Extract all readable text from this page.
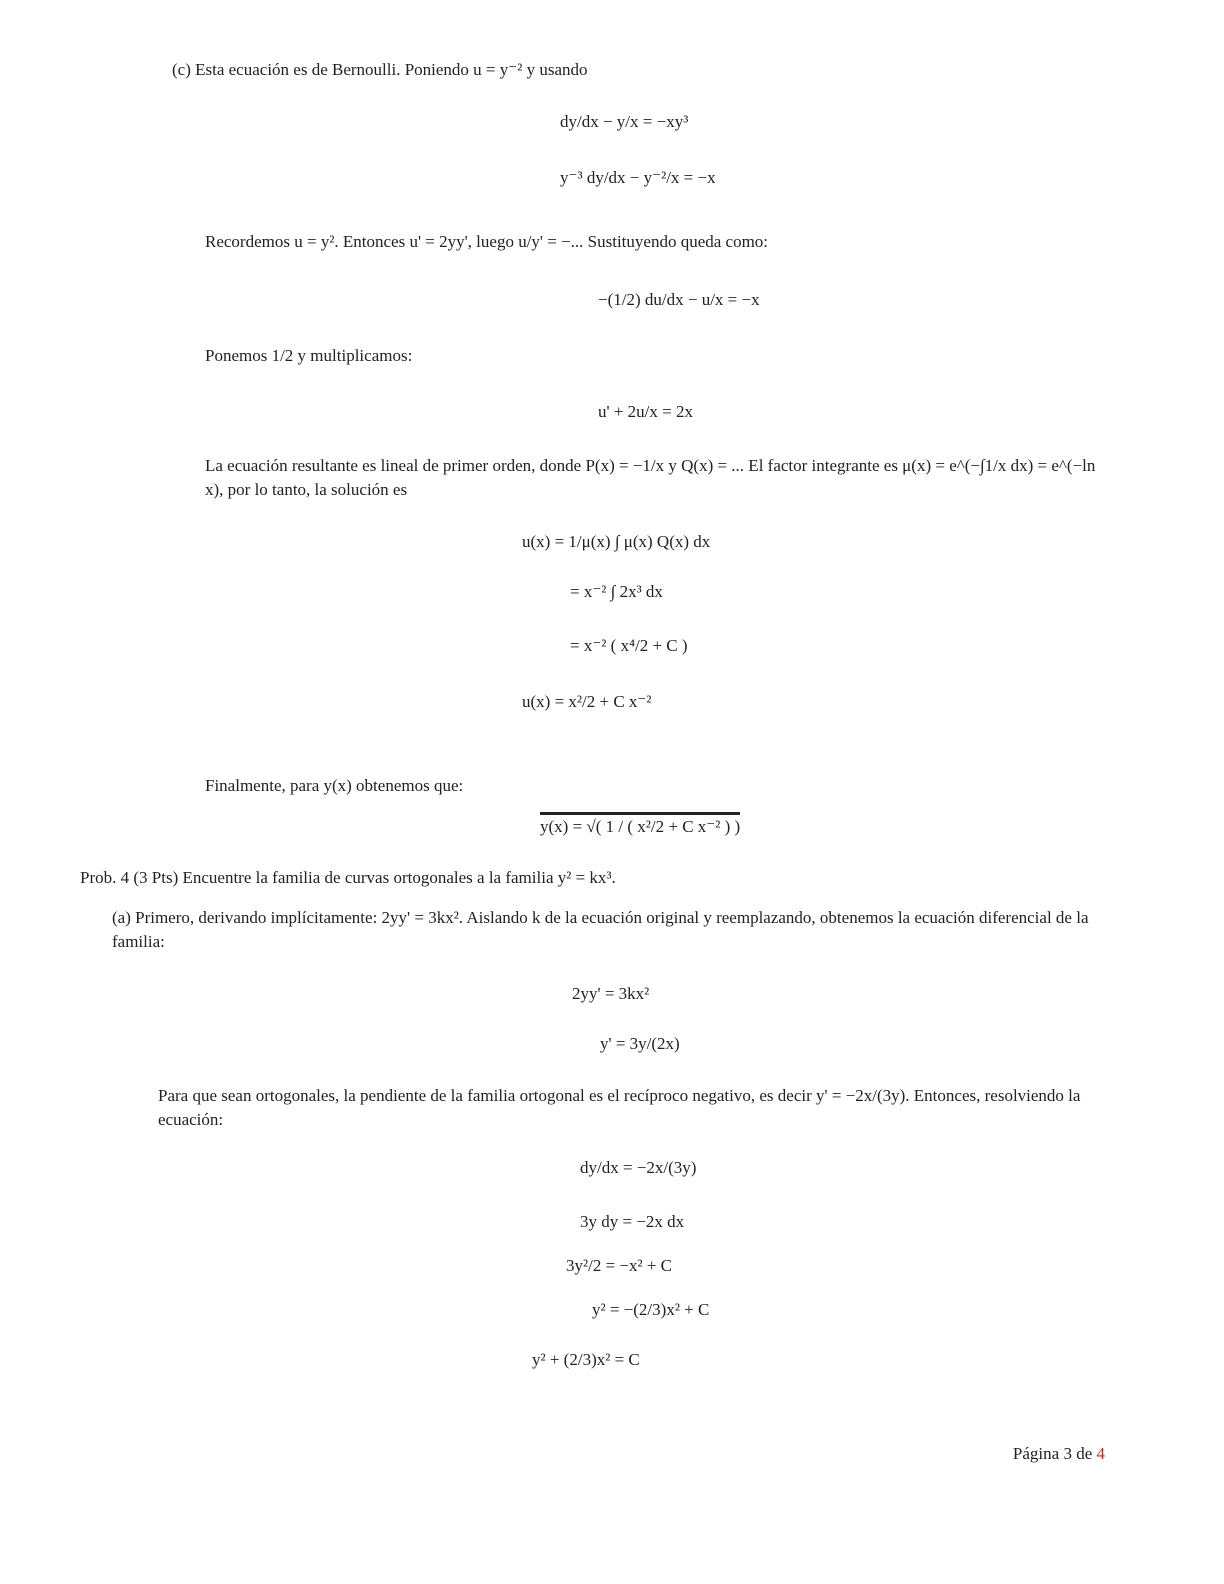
(c) Esta ecuación es de Bernoulli. Poniendo u = y⁻² y usando
dy/dx − y/x = −xy³
y⁻³ dy/dx − y⁻²/x = −x
Recordemos u = y². Entonces u' = 2yy', luego u/y' = −... Sustituyendo queda como:
−(1/2) du/dx − u/x = −x
Ponemos 1/2 y multiplicamos:
u' + 2u/x = 2x
La ecuación resultante es lineal de primer orden, donde P(x) = −1/x y Q(x) = ... El factor integrante es μ(x) = e^(−∫1/x dx) = e^(−ln x), por lo tanto, la solución es
u(x) = 1/μ(x) ∫ μ(x) Q(x) dx
= x⁻² ∫ 2x³ dx
= x⁻² ( x⁴/2 + C )
u(x) = x²/2 + C x⁻²
Finalmente, para y(x) obtenemos que:
y(x) = √( 1 / ( x²/2 + C x⁻² ) )
Prob. 4 (3 Pts) Encuentre la familia de curvas ortogonales a la familia y² = kx³.
(a) Primero, derivando implícitamente: 2yy' = 3kx². Aislando k de la ecuación original y reemplazando, obtenemos la ecuación diferencial de la familia:
2yy' = 3kx²
y' = 3y/(2x)
Para que sean ortogonales, la pendiente de la familia ortogonal es el recíproco negativo, es decir y' = −2x/(3y). Entonces, resolviendo la ecuación:
dy/dx = −2x/(3y)
3y dy = −2x dx
3y²/2 = −x² + C
y² = −(2/3)x² + C
y² + (2/3)x² = C
Página 3 de 4
